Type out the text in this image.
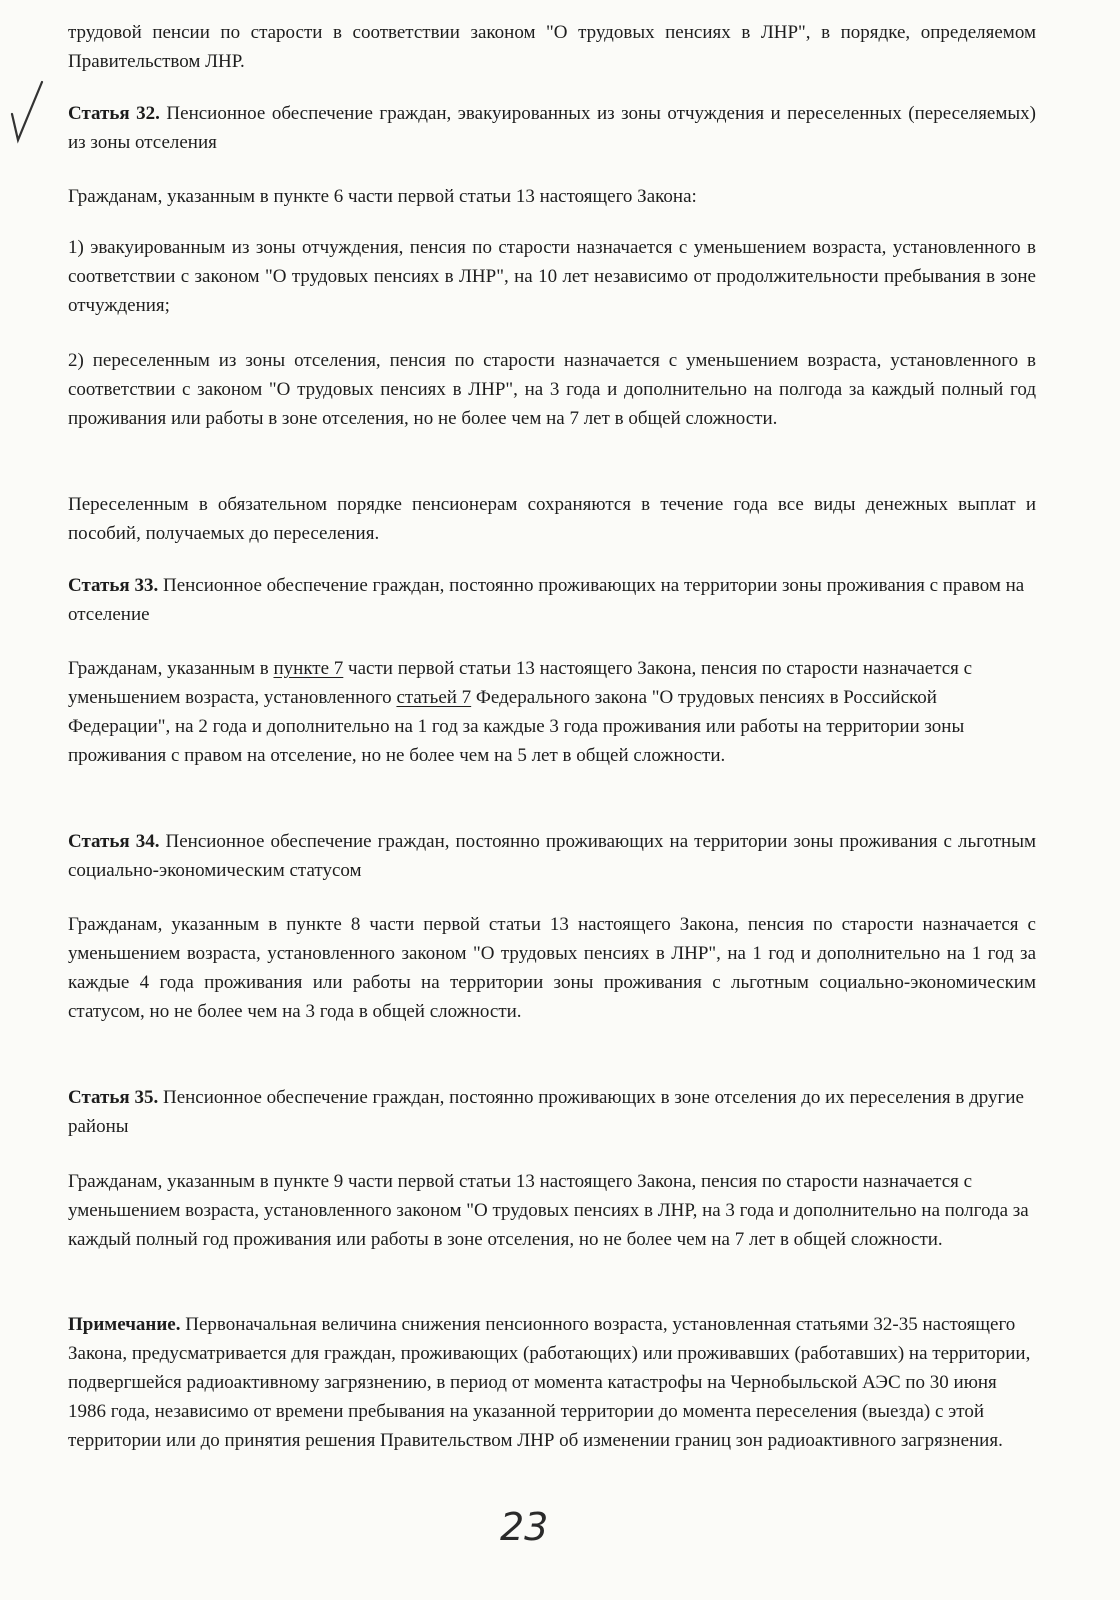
трудовой пенсии по старости в соответствии законом "О трудовых пенсиях в ЛНР", в порядке, определяемом Правительством ЛНР.

Статья 32. Пенсионное обеспечение граждан, эвакуированных из зоны отчуждения и переселенных (переселяемых) из зоны отселения

Гражданам, указанным в пункте 6 части первой статьи 13 настоящего Закона:

1) эвакуированным из зоны отчуждения, пенсия по старости назначается с уменьшением возраста, установленного в соответствии с законом "О трудовых пенсиях в ЛНР", на 10 лет независимо от продолжительности пребывания в зоне отчуждения;

2) переселенным из зоны отселения, пенсия по старости назначается с уменьшением возраста, установленного в соответствии с законом "О трудовых пенсиях в ЛНР", на 3 года и дополнительно на полгода за каждый полный год проживания или работы в зоне отселения, но не более чем на 7 лет в общей сложности.

Переселенным в обязательном порядке пенсионерам сохраняются в течение года все виды денежных выплат и пособий, получаемых до переселения.

Статья 33. Пенсионное обеспечение граждан, постоянно проживающих на территории зоны проживания с правом на отселение

Гражданам, указанным в пункте 7 части первой статьи 13 настоящего Закона, пенсия по старости назначается с уменьшением возраста, установленного статьей 7 Федерального закона "О трудовых пенсиях в Российской Федерации", на 2 года и дополнительно на 1 год за каждые 3 года проживания или работы на территории зоны проживания с правом на отселение, но не более чем на 5 лет в общей сложности.

Статья 34. Пенсионное обеспечение граждан, постоянно проживающих на территории зоны проживания с льготным социально-экономическим статусом

Гражданам, указанным в пункте 8 части первой статьи 13 настоящего Закона, пенсия по старости назначается с уменьшением возраста, установленного законом "О трудовых пенсиях в ЛНР", на 1 год и дополнительно на 1 год за каждые 4 года проживания или работы на территории зоны проживания с льготным социально-экономическим статусом, но не более чем на 3 года в общей сложности.

Статья 35. Пенсионное обеспечение граждан, постоянно проживающих в зоне отселения до их переселения в другие районы

Гражданам, указанным в пункте 9 части первой статьи 13 настоящего Закона, пенсия по старости назначается с уменьшением возраста, установленного законом "О трудовых пенсиях в ЛНР, на 3 года и дополнительно на полгода за каждый полный год проживания или работы в зоне отселения, но не более чем на 7 лет в общей сложности.

Примечание. Первоначальная величина снижения пенсионного возраста, установленная статьями 32-35 настоящего Закона, предусматривается для граждан, проживающих (работающих) или проживавших (работавших) на территории, подвергшейся радиоактивному загрязнению, в период от момента катастрофы на Чернобыльской АЭС по 30 июня 1986 года, независимо от времени пребывания на указанной территории до момента переселения (выезда) с этой территории или до принятия решения Правительством ЛНР об изменении границ зон радиоактивного загрязнения.

23
